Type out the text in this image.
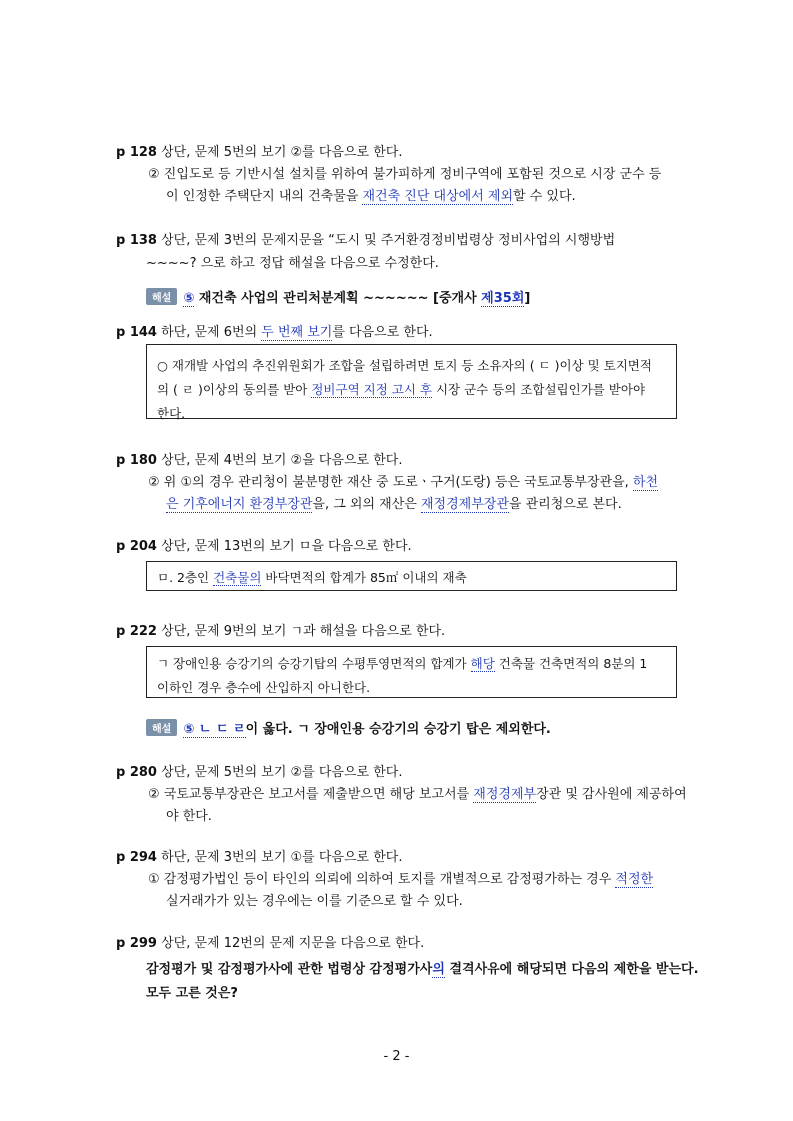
p 128 상단, 문제 5번의 보기 ②를 다음으로 한다.
② 진입도로 등 기반시설 설치를 위하여 불가피하게 정비구역에 포함된 것으로 시장 군수 등
이 인정한 주택단지 내의 건축물을 재건축 진단 대상에서 제외할 수 있다.
p 138 상단, 문제 3번의 문제지문을 “도시 및 주거환경정비법령상 정비사업의 시행방법
~~~~? 으로 하고 정답 해설을 다음으로 수정한다.
해설 ⑤ 재건축 사업의 관리처분계획 ~~~~~~ [중개사 제35회]
p 144 하단, 문제 6번의 두 번째 보기를 다음으로 한다.
○ 재개발 사업의 추진위원회가 조합을 설립하려면 토지 등 소유자의 ( ㄷ )이상 및 토지면적
의 ( ㄹ )이상의 동의를 받아 정비구역 지정 고시 후 시장 군수 등의 조합설립인가를 받아야
한다.
p 180 상단, 문제 4번의 보기 ②을 다음으로 한다.
② 위 ①의 경우 관리청이 불분명한 재산 중 도로ㆍ구거(도랑) 등은 국토교통부장관을, 하천
은 기후에너지 환경부장관을, 그 외의 재산은 재정경제부장관을 관리청으로 본다.
p 204 상단, 문제 13번의 보기 ㅁ을 다음으로 한다.
ㅁ. 2층인 건축물의 바닥면적의 합계가 85㎡ 이내의 재축
p 222 상단, 문제 9번의 보기 ㄱ과 해설을 다음으로 한다.
ㄱ 장애인용 승강기의 승강기탑의 수평투영면적의 합계가 해당 건축물 건축면적의 8분의 1
이하인 경우 층수에 산입하지 아니한다.
해설 ⑤ ㄴ ㄷ ㄹ이 옳다. ㄱ 장애인용 승강기의 승강기 탑은 제외한다.
p 280 상단, 문제 5번의 보기 ②를 다음으로 한다.
② 국토교통부장관은 보고서를 제출받으면 해당 보고서를 재정경제부장관 및 감사원에 제공하여
야 한다.
p 294 하단, 문제 3번의 보기 ①를 다음으로 한다.
① 감정평가법인 등이 타인의 의뢰에 의하여 토지를 개별적으로 감정평가하는 경우 적정한
실거래가가 있는 경우에는 이를 기준으로 할 수 있다.
p 299 상단, 문제 12번의 문제 지문을 다음으로 한다.
감정평가 및 감정평가사에 관한 법령상 감정평가사의 결격사유에 해당되면 다음의 제한을 받는다.
모두 고른 것은?
- 2 -
